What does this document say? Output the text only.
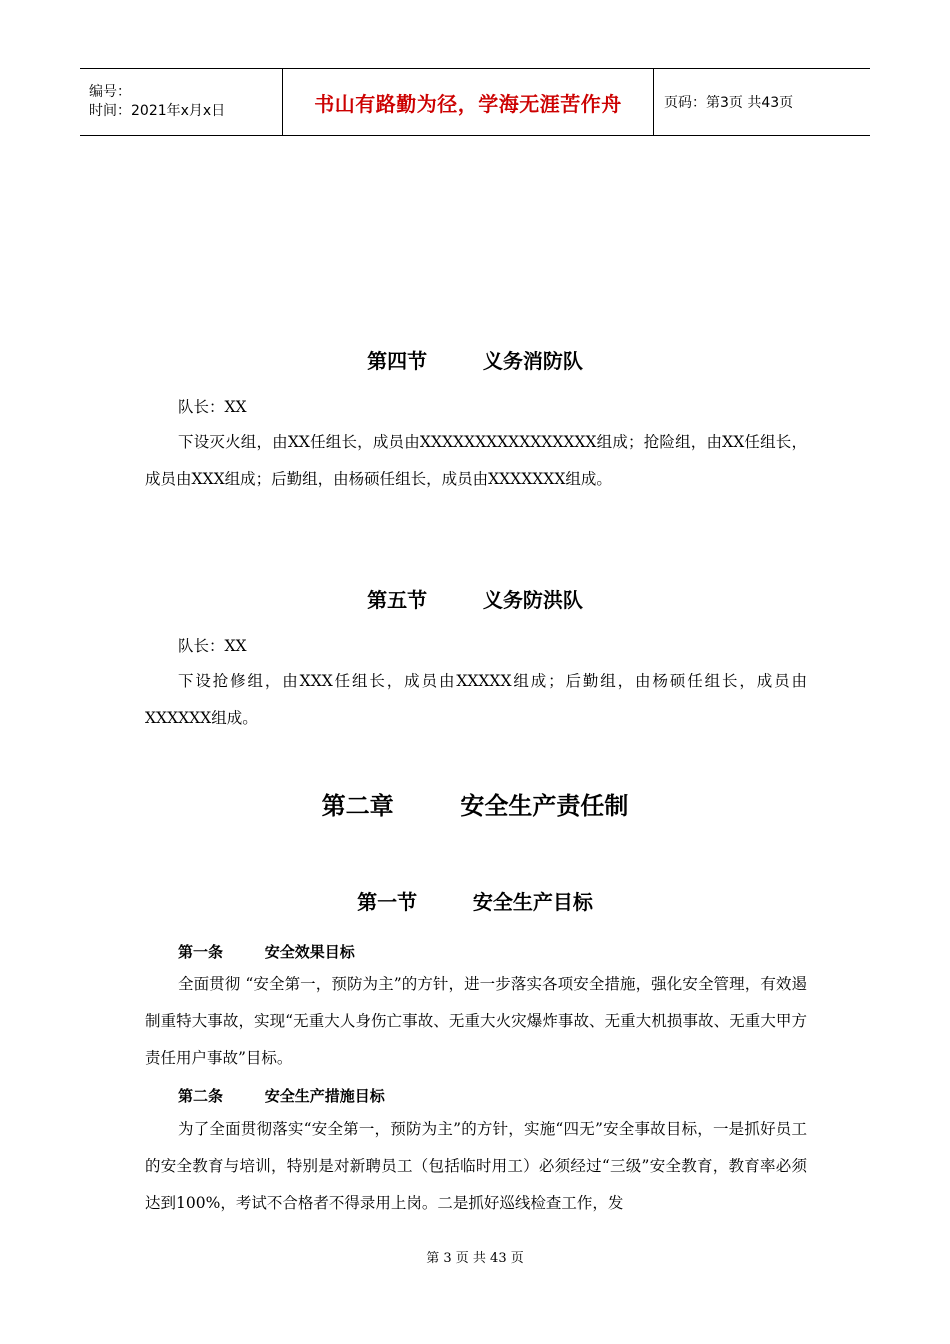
编号：
时间：2021年x月x日	书山有路勤为径，学海无涯苦作舟	页码：第3页 共43页
第四节        义务消防队

队长：XX

下设灭火组，由XX任组长，成员由XXXXXXXXXXXXXXXX组成；抢险组，由XX任组长，成员由XXX组成；后勤组，由杨硕任组长，成员由XXXXXXX组成。

第五节        义务防洪队

队长：XX

下设抢修组，由XXX任组长，成员由XXXXX组成；后勤组，由杨硕任组长，成员由XXXXXX组成。

第二章        安全生产责任制
第一节        安全生产目标
第一条        安全效果目标

全面贯彻 “安全第一，预防为主”的方针，进一步落实各项安全措施，强化安全管理，有效遏制重特大事故，实现“无重大人身伤亡事故、无重大火灾爆炸事故、无重大机损事故、无重大甲方责任用户事故”目标。

第二条        安全生产措施目标

为了全面贯彻落实“安全第一，预防为主”的方针，实施“四无”安全事故目标，一是抓好员工的安全教育与培训，特别是对新聘员工（包括临时用工）必须经过“三级”安全教育，教育率必须达到100%，考试不合格者不得录用上岗。二是抓好巡线检查工作，发

第 3 页 共 43 页
